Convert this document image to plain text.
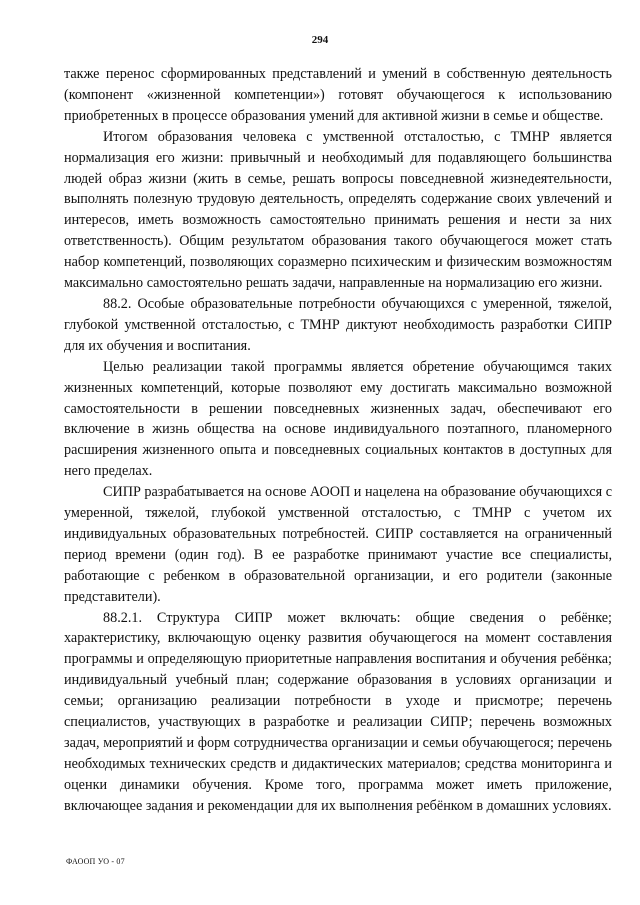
294

также перенос сформированных представлений и умений в собственную деятельность (компонент «жизненной компетенции») готовят обучающегося к использованию приобретенных в процессе образования умений для активной жизни в семье и обществе.

Итогом образования человека с умственной отсталостью, с ТМНР является нормализация его жизни: привычный и необходимый для подавляющего большинства людей образ жизни (жить в семье, решать вопросы повседневной жизнедеятельности, выполнять полезную трудовую деятельность, определять содержание своих увлечений и интересов, иметь возможность самостоятельно принимать решения и нести за них ответственность). Общим результатом образования такого обучающегося может стать набор компетенций, позволяющих соразмерно психическим и физическим возможностям максимально самостоятельно решать задачи, направленные на нормализацию его жизни.

88.2. Особые образовательные потребности обучающихся с умеренной, тяжелой, глубокой умственной отсталостью, с ТМНР диктуют необходимость разработки СИПР для их обучения и воспитания.

Целью реализации такой программы является обретение обучающимся таких жизненных компетенций, которые позволяют ему достигать максимально возможной самостоятельности в решении повседневных жизненных задач, обеспечивают его включение в жизнь общества на основе индивидуального поэтапного, планомерного расширения жизненного опыта и повседневных социальных контактов в доступных для него пределах.

СИПР разрабатывается на основе АООП и нацелена на образование обучающихся с умеренной, тяжелой, глубокой умственной отсталостью, с ТМНР с учетом их индивидуальных образовательных потребностей. СИПР составляется на ограниченный период времени (один год). В ее разработке принимают участие все специалисты, работающие с ребенком в образовательной организации, и его родители (законные представители).

88.2.1. Структура СИПР может включать: общие сведения о ребёнке; характеристику, включающую оценку развития обучающегося на момент составления программы и определяющую приоритетные направления воспитания и обучения ребёнка; индивидуальный учебный план; содержание образования в условиях организации и семьи; организацию реализации потребности в уходе и присмотре; перечень специалистов, участвующих в разработке и реализации СИПР; перечень возможных задач, мероприятий и форм сотрудничества организации и семьи обучающегося; перечень необходимых технических средств и дидактических материалов; средства мониторинга и оценки динамики обучения. Кроме того, программа может иметь приложение, включающее задания и рекомендации для их выполнения ребёнком в домашних условиях.

ФАООП УО - 07
